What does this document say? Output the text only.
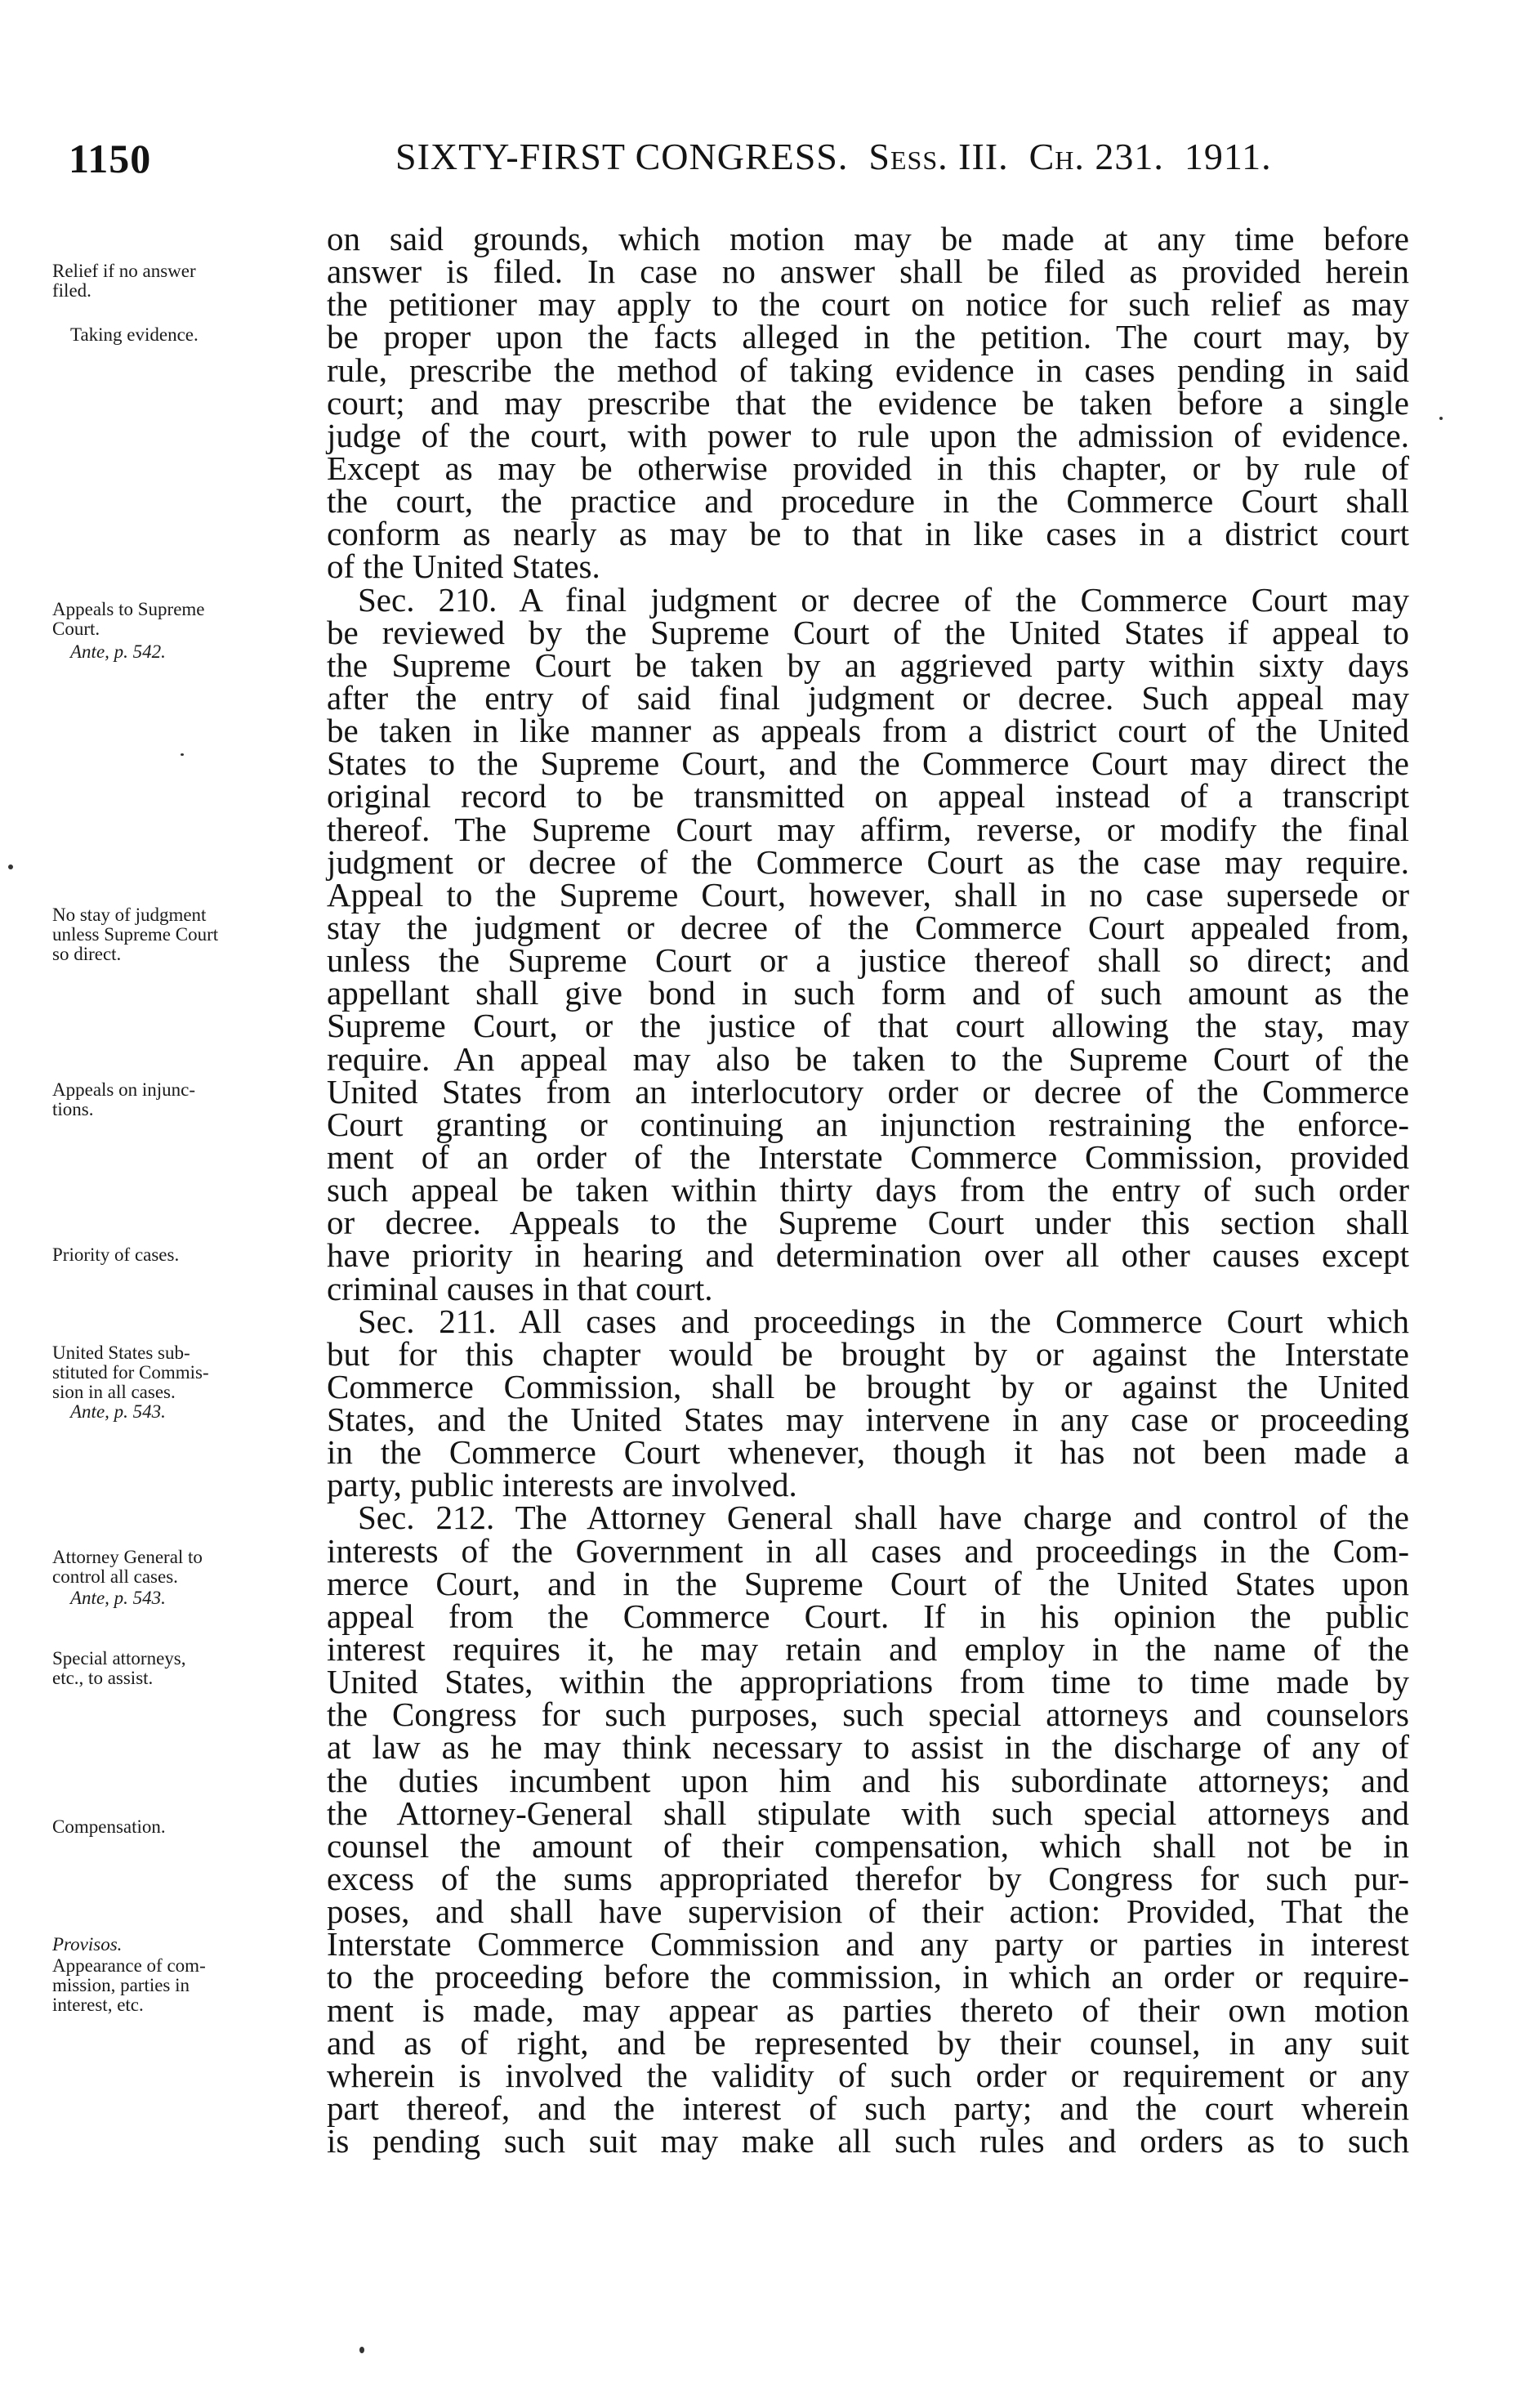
1150	SIXTY-FIRST CONGRESS. Sess. III. Ch. 231. 1911.
Relief if no answer
filed.
Taking evidence.
Appeals to Supreme
Court.
Ante, p. 542.
No stay of judgment
unless Supreme Court
so direct.
Appeals on injunc-
tions.
Priority of cases.
United States sub-
stituted for Commis-
sion in all cases.
Ante, p. 543.
Attorney General to
control all cases.
Ante, p. 543.
Special attorneys,
etc., to assist.
Compensation.
Provisos.
Appearance of com-
mission, parties in
interest, etc.
on said grounds, which motion may be made at any time before
answer is filed. In case no answer shall be filed as provided herein
the petitioner may apply to the court on notice for such relief as may
be proper upon the facts alleged in the petition. The court may, by
rule, prescribe the method of taking evidence in cases pending in said
court; and may prescribe that the evidence be taken before a single
judge of the court, with power to rule upon the admission of evidence.
Except as may be otherwise provided in this chapter, or by rule of
the court, the practice and procedure in the Commerce Court shall
conform as nearly as may be to that in like cases in a district court
of the United States.
Sec. 210. A final judgment or decree of the Commerce Court may
be reviewed by the Supreme Court of the United States if appeal to
the Supreme Court be taken by an aggrieved party within sixty days
after the entry of said final judgment or decree. Such appeal may
be taken in like manner as appeals from a district court of the United
States to the Supreme Court, and the Commerce Court may direct the
original record to be transmitted on appeal instead of a transcript
thereof. The Supreme Court may affirm, reverse, or modify the final
judgment or decree of the Commerce Court as the case may require.
Appeal to the Supreme Court, however, shall in no case supersede or
stay the judgment or decree of the Commerce Court appealed from,
unless the Supreme Court or a justice thereof shall so direct; and
appellant shall give bond in such form and of such amount as the
Supreme Court, or the justice of that court allowing the stay, may
require. An appeal may also be taken to the Supreme Court of the
United States from an interlocutory order or decree of the Commerce
Court granting or continuing an injunction restraining the enforce-
ment of an order of the Interstate Commerce Commission, provided
such appeal be taken within thirty days from the entry of such order
or decree. Appeals to the Supreme Court under this section shall
have priority in hearing and determination over all other causes except
criminal causes in that court.
Sec. 211. All cases and proceedings in the Commerce Court which
but for this chapter would be brought by or against the Interstate
Commerce Commission, shall be brought by or against the United
States, and the United States may intervene in any case or proceeding
in the Commerce Court whenever, though it has not been made a
party, public interests are involved.
Sec. 212. The Attorney General shall have charge and control of the
interests of the Government in all cases and proceedings in the Com-
merce Court, and in the Supreme Court of the United States upon
appeal from the Commerce Court. If in his opinion the public
interest requires it, he may retain and employ in the name of the
United States, within the appropriations from time to time made by
the Congress for such purposes, such special attorneys and counselors
at law as he may think necessary to assist in the discharge of any of
the duties incumbent upon him and his subordinate attorneys; and
the Attorney-General shall stipulate with such special attorneys and
counsel the amount of their compensation, which shall not be in
excess of the sums appropriated therefor by Congress for such pur-
poses, and shall have supervision of their action: Provided, That the
Interstate Commerce Commission and any party or parties in interest
to the proceeding before the commission, in which an order or require-
ment is made, may appear as parties thereto of their own motion
and as of right, and be represented by their counsel, in any suit
wherein is involved the validity of such order or requirement or any
part thereof, and the interest of such party; and the court wherein
is pending such suit may make all such rules and orders as to such
